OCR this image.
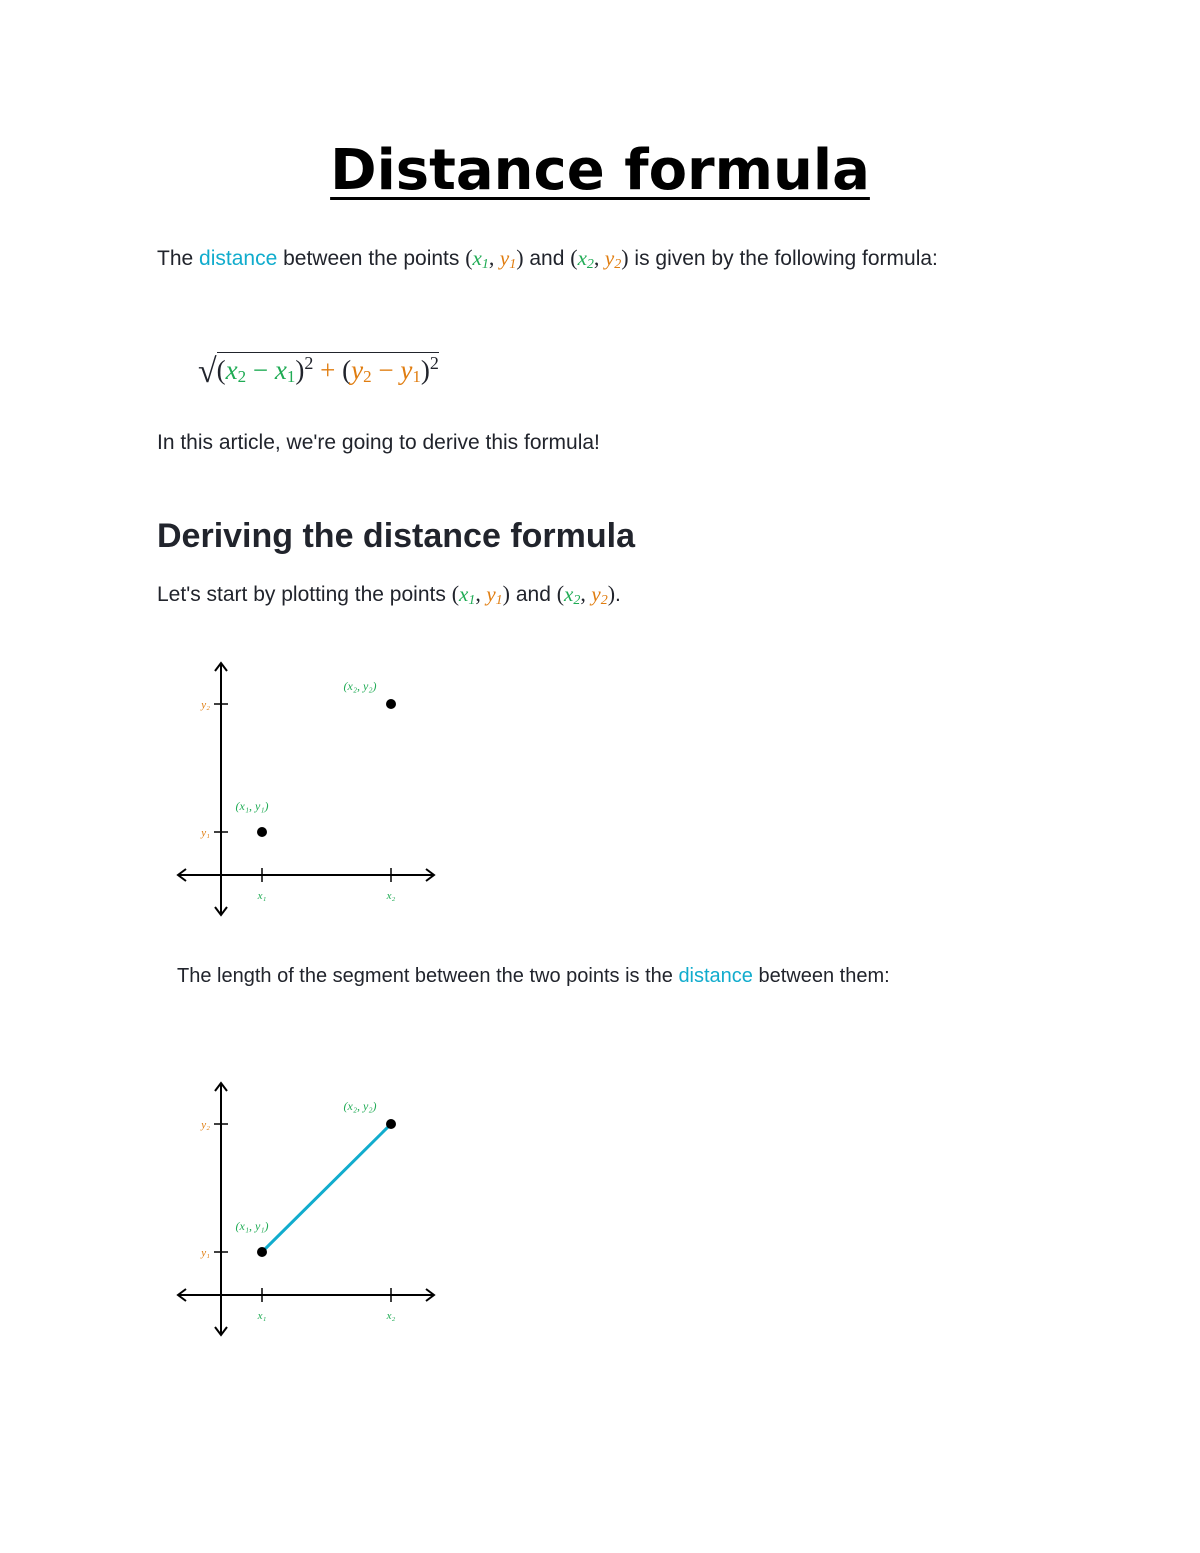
Distance formula

The distance between the points ($x_1$, $y_1$) and ($x_2$, $y_2$) is given by the following formula:

$√(x_2 - x_1)^2 + (y_2 - y_1)^2$

In this article, we're going to derive this formula!

Deriving the distance formula

Let's start by plotting the points ($x_1$, $y_1$) and ($x_2$, $y_2$).

x₁	x₂
y₁
y₂
(x₁, y₁)
(x₂, y₂)

The length of the segment between the two points is the distance between them:

x₁	x₂
y₁
y₂
(x₁, y₁)
(x₂, y₂)
